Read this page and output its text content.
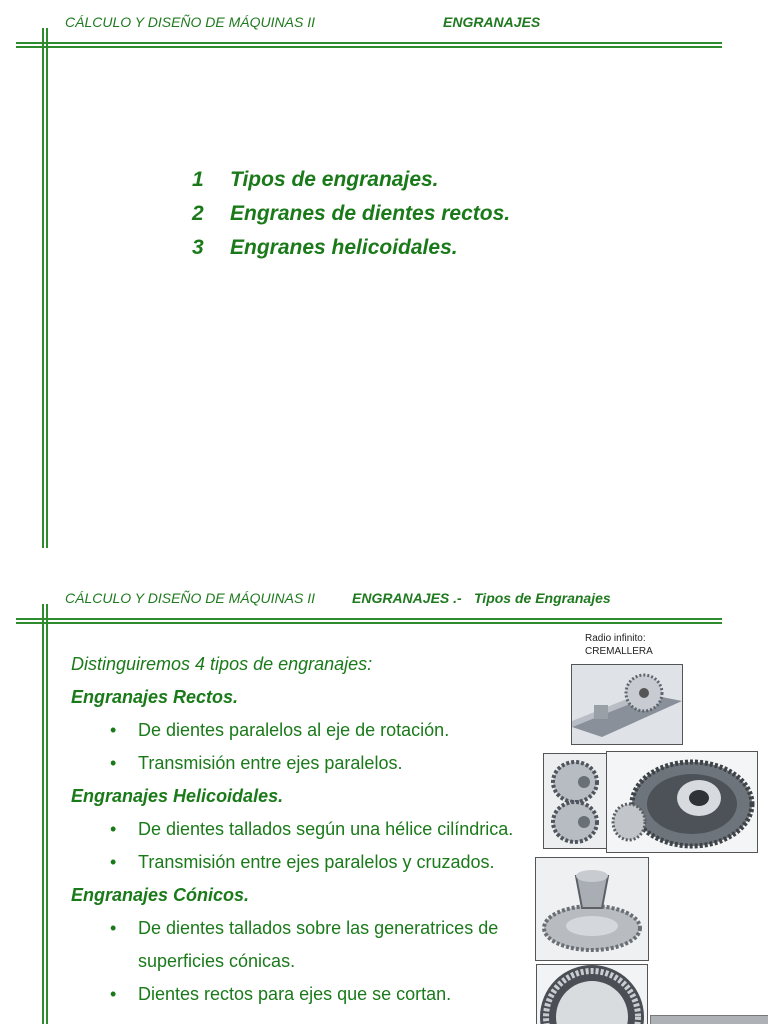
CÁLCULO Y DISEÑO DE MÁQUINAS II	ENGRANAJES
1	Tipos de engranajes.
2	Engranes de dientes rectos.
3	Engranes helicoidales.
CÁLCULO Y DISEÑO DE MÁQUINAS II	ENGRANAJES .- Tipos de Engranajes
Distinguiremos 4 tipos de engranajes:
Engranajes Rectos.
• De dientes paralelos al eje de rotación.
• Transmisión entre ejes paralelos.
Engranajes Helicoidales.
• De dientes tallados según una hélice cilíndrica.
• Transmisión entre ejes paralelos y cruzados.
Engranajes Cónicos.
• De dientes tallados sobre las generatrices de
superficies cónicas.
• Dientes rectos para ejes que se cortan.
Radio infinito:
CREMALLERA
